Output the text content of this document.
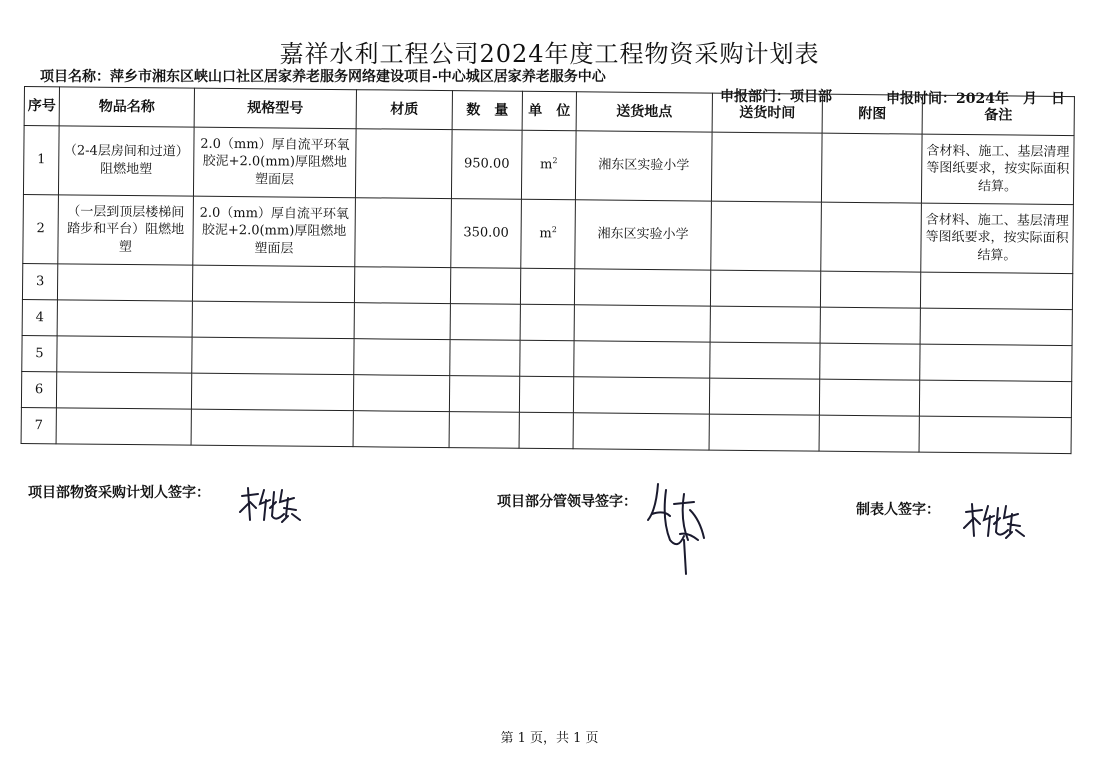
嘉祥水利工程公司2024年度工程物资采购计划表
项目名称：萍乡市湘东区峡山口社区居家养老服务网络建设项目-中心城区居家养老服务中心
申报部门：项目部	申报时间：2024年　月　日
序号	物品名称	规格型号	材质	数　量	单　位	送货地点	送货时间	附图	备注
1	（2-4层房间和过道）阻燃地塑	2.0（mm）厚自流平环氧胶泥+2.0(mm)厚阻燃地塑面层		950.00	$m^2$	湘东区实验小学			含材料、施工、基层清理等图纸要求，按实际面积结算。
2	（一层到顶层楼梯间踏步和平台）阻燃地塑	2.0（mm）厚自流平环氧胶泥+2.0(mm)厚阻燃地塑面层		350.00	$m^2$	湘东区实验小学			含材料、施工、基层清理等图纸要求，按实际面积结算。
3									
4									
5									
6									
7									
项目部物资采购计划人签字：
项目部分管领导签字：	制表人签字：
第 1 页，共 1 页
